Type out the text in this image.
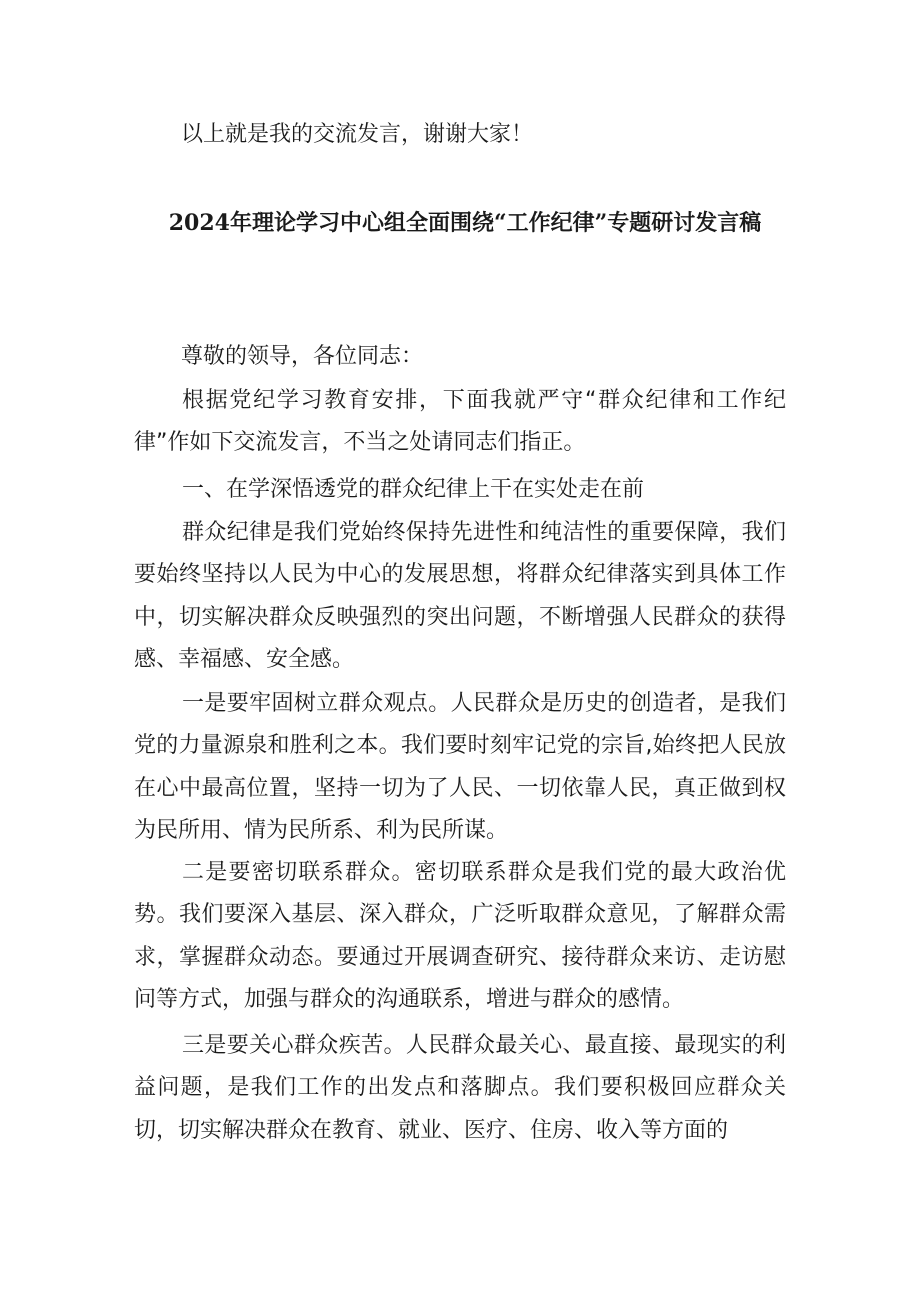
以上就是我的交流发言，谢谢大家！
2024年理论学习中心组全面围绕“工作纪律”专题研讨发言稿
尊敬的领导，各位同志：
根据党纪学习教育安排，下面我就严守“群众纪律和工作纪律”作如下交流发言，不当之处请同志们指正。
一、在学深悟透党的群众纪律上干在实处走在前
群众纪律是我们党始终保持先进性和纯洁性的重要保障，我们要始终坚持以人民为中心的发展思想，将群众纪律落实到具体工作中，切实解决群众反映强烈的突出问题，不断增强人民群众的获得感、幸福感、安全感。
一是要牢固树立群众观点。人民群众是历史的创造者，是我们党的力量源泉和胜利之本。我们要时刻牢记党的宗旨,始终把人民放在心中最高位置，坚持一切为了人民、一切依靠人民，真正做到权为民所用、情为民所系、利为民所谋。
二是要密切联系群众。密切联系群众是我们党的最大政治优势。我们要深入基层、深入群众，广泛听取群众意见，了解群众需求，掌握群众动态。要通过开展调查研究、接待群众来访、走访慰问等方式，加强与群众的沟通联系，增进与群众的感情。
三是要关心群众疾苦。人民群众最关心、最直接、最现实的利益问题，是我们工作的出发点和落脚点。我们要积极回应群众关切，切实解决群众在教育、就业、医疗、住房、收入等方面的
